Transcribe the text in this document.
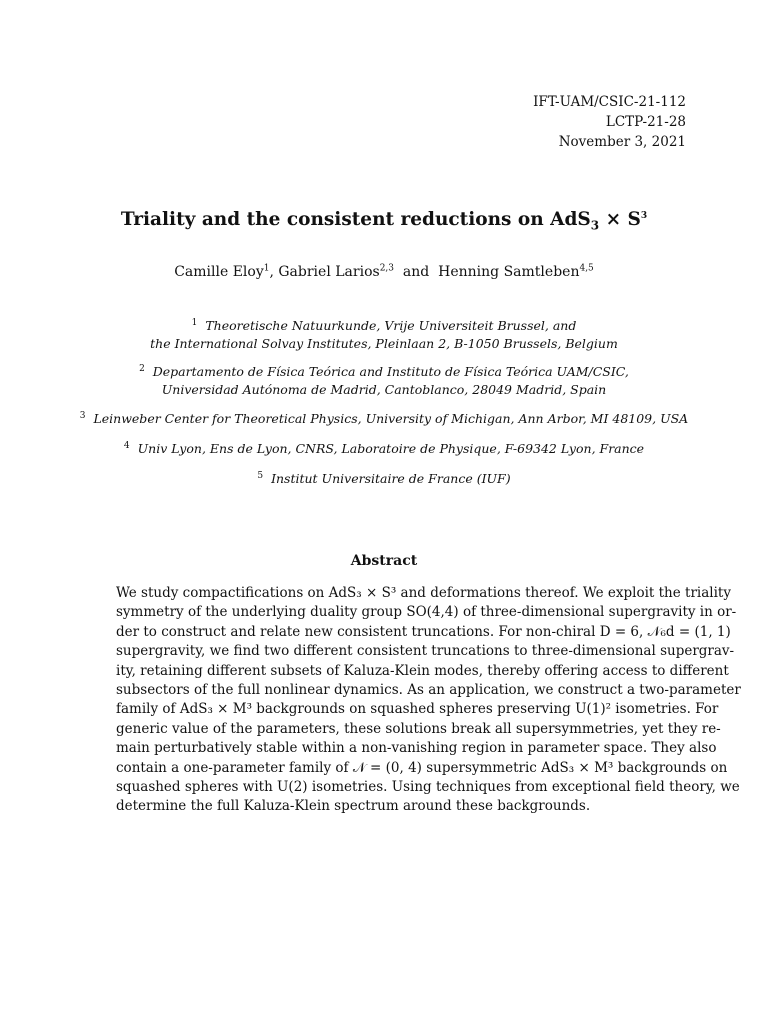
IFT-UAM/CSIC-21-112
LCTP-21-28
November 3, 2021
Triality and the consistent reductions on $AdS_3 \times S^3$
Camille Eloy$^1$, Gabriel Larios$^{2,3}$  and  Henning Samtleben$^{4,5}$
$^1$ Theoretische Natuurkunde, Vrije Universiteit Brussel, and
the International Solvay Institutes, Pleinlaan 2, B-1050 Brussels, Belgium
$^2$ Departamento de Física Teórica and Instituto de Física Teórica UAM/CSIC,
Universidad Autónoma de Madrid, Cantoblanco, 28049 Madrid, Spain
$^3$ Leinweber Center for Theoretical Physics, University of Michigan, Ann Arbor, MI 48109, USA
$^4$ Univ Lyon, Ens de Lyon, CNRS, Laboratoire de Physique, F-69342 Lyon, France
$^5$ Institut Universitaire de France (IUF)
Abstract
We study compactifications on AdS₃ × S³ and deformations thereof. We exploit the triality
symmetry of the underlying duality group SO(4,4) of three-dimensional supergravity in or-
der to construct and relate new consistent truncations. For non-chiral D = 6, 𝒩₆d = (1, 1)
supergravity, we find two different consistent truncations to three-dimensional supergrav-
ity, retaining different subsets of Kaluza-Klein modes, thereby offering access to different
subsectors of the full nonlinear dynamics. As an application, we construct a two-parameter
family of AdS₃ × M³ backgrounds on squashed spheres preserving U(1)² isometries. For
generic value of the parameters, these solutions break all supersymmetries, yet they re-
main perturbatively stable within a non-vanishing region in parameter space. They also
contain a one-parameter family of 𝒩 = (0, 4) supersymmetric AdS₃ × M³ backgrounds on
squashed spheres with U(2) isometries. Using techniques from exceptional field theory, we
determine the full Kaluza-Klein spectrum around these backgrounds.
